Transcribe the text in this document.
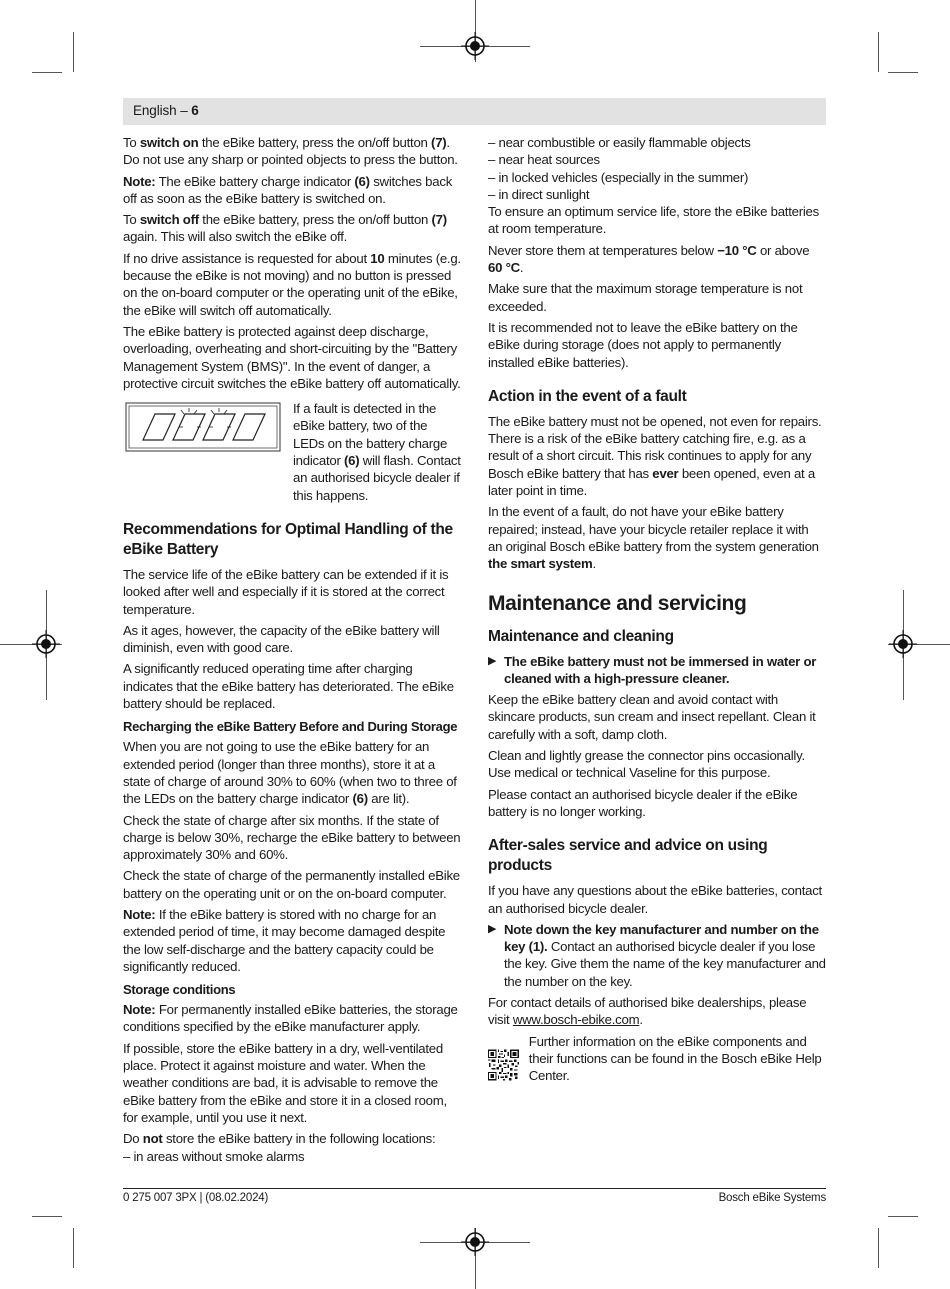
English – 6

To switch on the eBike battery, press the on/off button (7). Do not use any sharp or pointed objects to press the button.

Note: The eBike battery charge indicator (6) switches back off as soon as the eBike battery is switched on.

To switch off the eBike battery, press the on/off button (7) again. This will also switch the eBike off.

If no drive assistance is requested for about 10 minutes (e.g. because the eBike is not moving) and no button is pressed on the on-board computer or the operating unit of the eBike, the eBike will switch off automatically.

The eBike battery is protected against deep discharge, overloading, overheating and short-circuiting by the "Battery Management System (BMS)". In the event of danger, a protective circuit switches the eBike battery off automatically.

If a fault is detected in the eBike battery, two of the LEDs on the battery charge indicator (6) will flash. Contact an authorised bicycle dealer if this happens.

Recommendations for Optimal Handling of the eBike Battery

The service life of the eBike battery can be extended if it is looked after well and especially if it is stored at the correct temperature.

As it ages, however, the capacity of the eBike battery will diminish, even with good care.

A significantly reduced operating time after charging indicates that the eBike battery has deteriorated. The eBike battery should be replaced.

Recharging the eBike Battery Before and During Storage

When you are not going to use the eBike battery for an extended period (longer than three months), store it at a state of charge of around 30% to 60% (when two to three of the LEDs on the battery charge indicator (6) are lit).

Check the state of charge after six months. If the state of charge is below 30%, recharge the eBike battery to between approximately 30% and 60%.

Check the state of charge of the permanently installed eBike battery on the operating unit or on the on-board computer.

Note: If the eBike battery is stored with no charge for an extended period of time, it may become damaged despite the low self-discharge and the battery capacity could be significantly reduced.

Storage conditions

Note: For permanently installed eBike batteries, the storage conditions specified by the eBike manufacturer apply.

If possible, store the eBike battery in a dry, well-ventilated place. Protect it against moisture and water. When the weather conditions are bad, it is advisable to remove the eBike battery from the eBike and store it in a closed room, for example, until you use it next.

Do not store the eBike battery in the following locations:

– in areas without smoke alarms

– near combustible or easily flammable objects

– near heat sources

– in locked vehicles (especially in the summer)

– in direct sunlight

To ensure an optimum service life, store the eBike batteries at room temperature.

Never store them at temperatures below −10 °C or above 60 °C.

Make sure that the maximum storage temperature is not exceeded.

It is recommended not to leave the eBike battery on the eBike during storage (does not apply to permanently installed eBike batteries).

Action in the event of a fault

The eBike battery must not be opened, not even for repairs. There is a risk of the eBike battery catching fire, e.g. as a result of a short circuit. This risk continues to apply for any Bosch eBike battery that has ever been opened, even at a later point in time.

In the event of a fault, do not have your eBike battery repaired; instead, have your bicycle retailer replace it with an original Bosch eBike battery from the system generation the smart system.

Maintenance and servicing
Maintenance and cleaning
▶ The eBike battery must not be immersed in water or cleaned with a high-pressure cleaner.

Keep the eBike battery clean and avoid contact with skincare products, sun cream and insect repellant. Clean it carefully with a soft, damp cloth.

Clean and lightly grease the connector pins occasionally. Use medical or technical Vaseline for this purpose.

Please contact an authorised bicycle dealer if the eBike battery is no longer working.

After-sales service and advice on using products

If you have any questions about the eBike batteries, contact an authorised bicycle dealer.

▶ Note down the key manufacturer and number on the key (1). Contact an authorised bicycle dealer if you lose the key. Give them the name of the key manufacturer and the number on the key.

For contact details of authorised bike dealerships, please visit www.bosch-ebike.com.

Further information on the eBike components and their functions can be found in the Bosch eBike Help Center.

0 275 007 3PX | (08.02.2024)	Bosch eBike Systems
